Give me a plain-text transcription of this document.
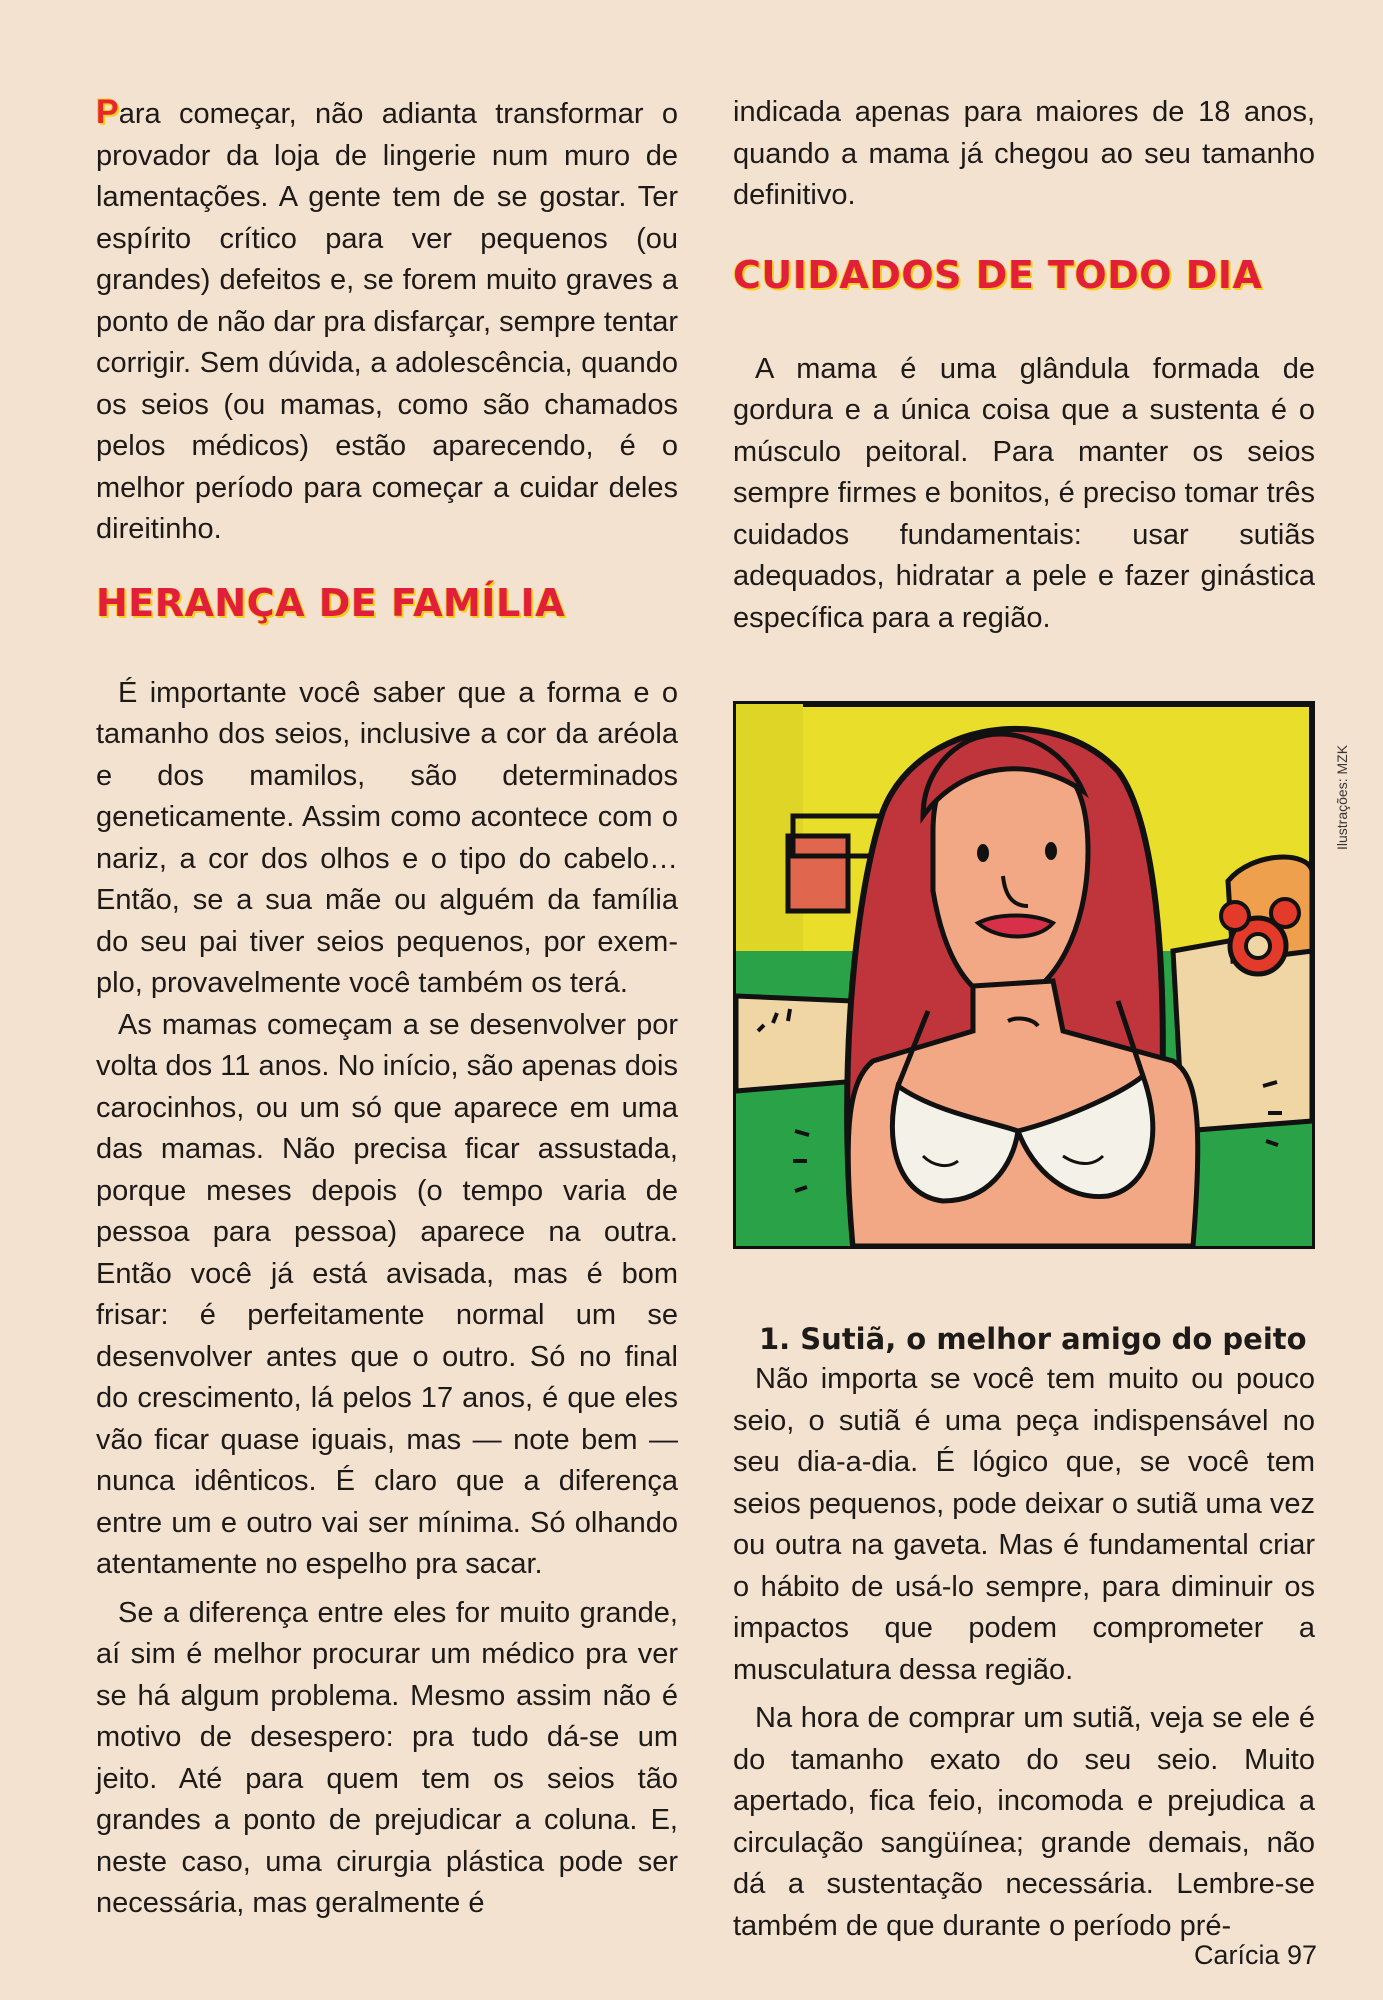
Para começar, não adianta transformar o provador da loja de lingerie num muro de lamentações. A gente tem de se gostar. Ter espírito crítico para ver pequenos (ou grandes) defeitos e, se forem muito graves a ponto de não dar pra disfarçar, sempre tentar corrigir. Sem dúvida, a adolescência, quando os seios (ou mamas, como são chamados pelos médicos) estão aparecendo, é o melhor período para começar a cuidar deles direitinho.

HERANÇA DE FAMÍLIA

É importante você saber que a forma e o tamanho dos seios, inclusive a cor da aréola e dos mamilos, são determinados geneticamente. Assim como acontece com o nariz, a cor dos olhos e o tipo do cabelo… Então, se a sua mãe ou alguém da família do seu pai tiver seios pequenos, por exemplo, provavelmente você também os terá.

As mamas começam a se desenvolver por volta dos 11 anos. No início, são apenas dois carocinhos, ou um só que aparece em uma das mamas. Não precisa ficar assustada, porque meses depois (o tempo varia de pessoa para pessoa) aparece na outra. Então você já está avisada, mas é bom frisar: é perfeitamente normal um se desenvolver antes que o outro. Só no final do crescimento, lá pelos 17 anos, é que eles vão ficar quase iguais, mas — note bem — nunca idênticos. É claro que a diferença entre um e outro vai ser mínima. Só olhando atentamente no espelho pra sacar.

Se a diferença entre eles for muito grande, aí sim é melhor procurar um médico pra ver se há algum problema. Mesmo assim não é motivo de desespero: pra tudo dá-se um jeito. Até para quem tem os seios tão grandes a ponto de prejudicar a coluna. E, neste caso, uma cirurgia plástica pode ser necessária, mas geralmente é

indicada apenas para maiores de 18 anos, quando a mama já chegou ao seu tamanho definitivo.

CUIDADOS DE TODO DIA

A mama é uma glândula formada de gordura e a única coisa que a sustenta é o músculo peitoral. Para manter os seios sempre firmes e bonitos, é preciso tomar três cuidados fundamentais: usar sutiãs adequados, hidratar a pele e fazer ginástica específica para a região.

1. Sutiã, o melhor amigo do peito

Não importa se você tem muito ou pouco seio, o sutiã é uma peça indispensável no seu dia-a-dia. É lógico que, se você tem seios pequenos, pode deixar o sutiã uma vez ou outra na gaveta. Mas é fundamental criar o hábito de usá-lo sempre, para diminuir os impactos que podem comprometer a musculatura dessa região.

Na hora de comprar um sutiã, veja se ele é do tamanho exato do seu seio. Muito apertado, fica feio, incomoda e prejudica a circulação sangüínea; grande demais, não dá a sustentação necessária. Lembre-se também de que durante o período pré-

Ilustrações: MZK
Carícia 97
